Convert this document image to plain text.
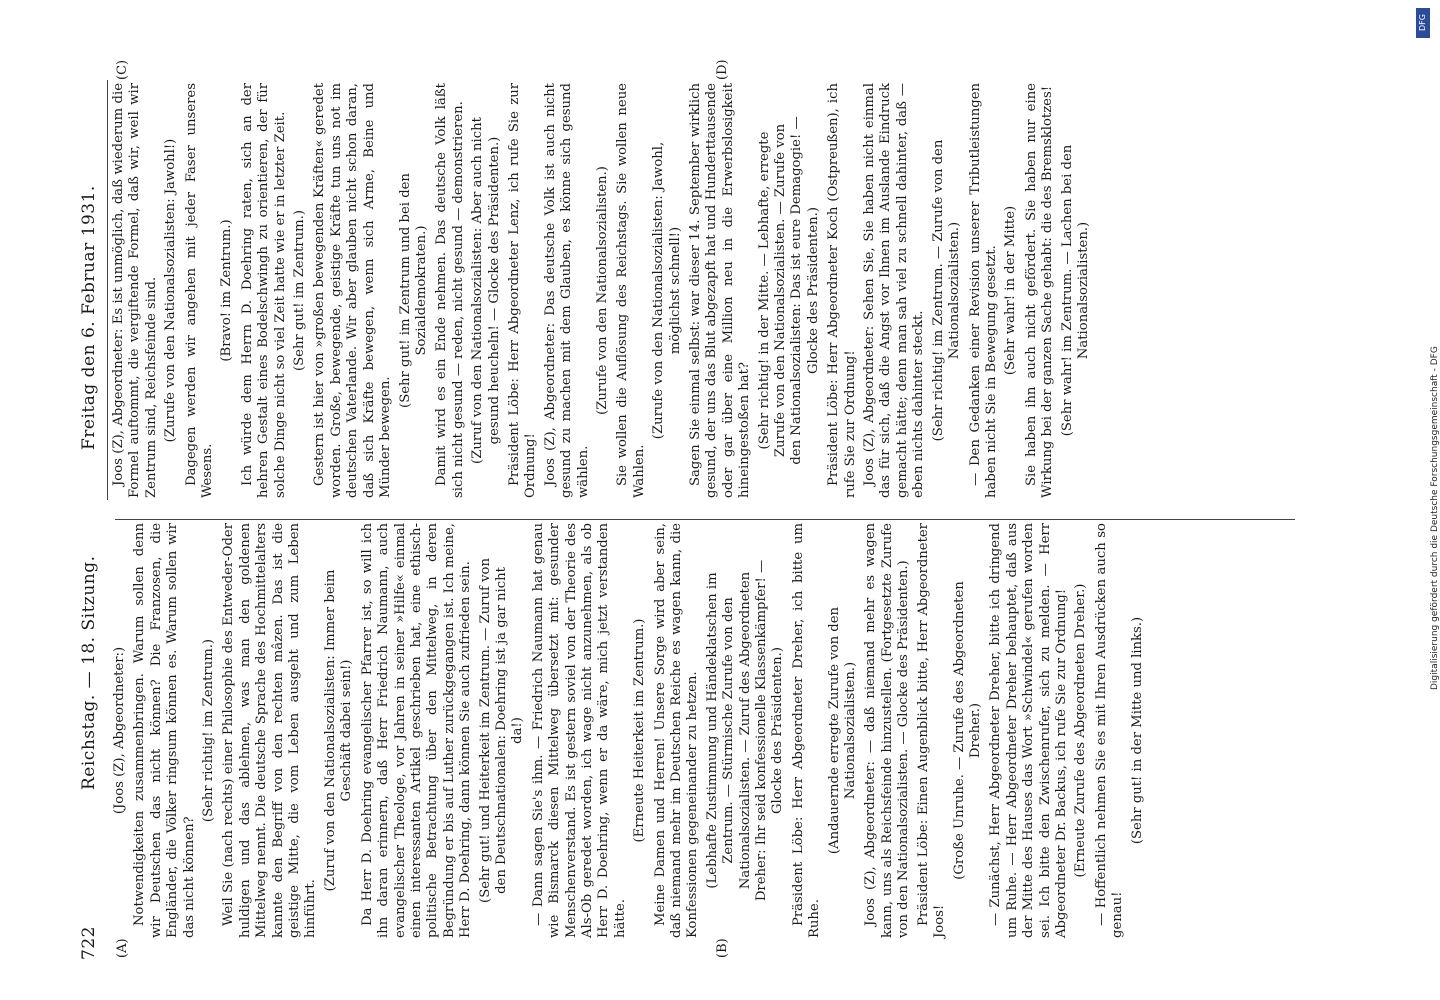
722
Reichstag. — 18. Sitzung.
Freitag den 6. Februar 1931.
(A)	(B)
(C)	(D)

(Joos (Z), Abgeordneter:) Notwendigkeiten zusammenbringen. Warum sollen denn wir Deutschen das nicht können? Die Franzosen, die Engländer, die Völker ringsum können es. Warum sollen wir das nicht können?

(Sehr richtig! im Zentrum.) Weil Sie (nach rechts) einer Philosophie des Entweder-Oder huldigen und das ablehnen, was man den goldenen Mittelweg nennt. Die deutsche Sprache des Hochmittelalters kannte den Begriff von den rechten mâzen. Das ist die geistige Mitte, die vom Leben ausgeht und zum Leben hinführt.

(Zuruf von den Nationalsozialisten: Immer beim Geschäft dabei sein!) Da Herr D. Doehring evangelischer Pfarrer ist, so will ich ihn daran erinnern, daß Herr Friedrich Naumann, auch evangelischer Theologe, vor Jahren in seiner »Hilfe« einmal einen interessanten Artikel geschrieben hat, eine ethisch-politische Betrachtung über den Mittelweg, in deren Begründung er bis auf Luther zurückgegangen ist. Ich meine, Herr D. Doehring, dann können Sie auch zufrieden sein. (Sehr gut! und Heiterkeit im Zentrum. — Zuruf von den Deutschnationalen: Doehring ist ja gar nicht da!) — Dann sagen Sie's ihm. — Friedrich Naumann hat genau wie Bismarck diesen Mittelweg übersetzt mit: gesunder Menschenverstand. Es ist gestern soviel von der Theorie des Als-Ob geredet worden, ich wage nicht anzunehmen, als ob Herr D. Doehring, wenn er da wäre, mich jetzt verstanden hätte.

(Erneute Heiterkeit im Zentrum.) Meine Damen und Herren! Unsere Sorge wird aber sein, daß niemand mehr im Deutschen Reiche es wagen kann, die Konfessionen gegeneinander zu hetzen. (Lebhafte Zustimmung und Händeklatschen im Zentrum. — Stürmische Zurufe von den Nationalsozialisten. — Zuruf des Abgeordneten Dreher: Ihr seid konfessionelle Klassenkämpfer! — Glocke des Präsidenten.) Präsident Löbe: Herr Abgeordneter Dreher, ich bitte um Ruhe.

(Andauernde erregte Zurufe von den Nationalsozialisten.) Joos (Z), Abgeordneter: — daß niemand mehr es wagen kann, uns als Reichsfeinde hinzustellen. (Fortgesetzte Zurufe von den Nationalsozialisten. — Glocke des Präsidenten.) Präsident Löbe: Einen Augenblick bitte, Herr Abgeordneter Joos!

(Große Unruhe. — Zurufe des Abgeordneten Dreher.) — Zunächst, Herr Abgeordneter Dreher, bitte ich dringend um Ruhe. — Herr Abgeordneter Dreher behauptet, daß aus der Mitte des Hauses das Wort »Schwindel« gerufen worden sei. Ich bitte den Zwischenrufer, sich zu melden. — Herr Abgeordneter Dr. Backus, ich rufe Sie zur Ordnung! (Erneute Zurufe des Abgeordneten Dreher.) — Hoffentlich nehmen Sie es mit Ihren Ausdrücken auch so genau!

(Sehr gut! in der Mitte und links.)

Joos (Z), Abgeordneter: Es ist unmöglich, daß wiederum die Formel auftommt, die vergiftende Formel, daß wir, weil wir Zentrum sind, Reichsfeinde sind. (Zurufe von den Nationalsozialisten: Jawohl!) Dagegen werden wir angehen mit jeder Faser unseres Wesens.

(Bravo! im Zentrum.) Ich würde dem Herrn D. Doehring raten, sich an der hehren Gestalt eines Bodelschwingh zu orientieren, der für solche Dinge nicht so viel Zeit hatte wie er in letzter Zeit. (Sehr gut! im Zentrum.) Gestern ist hier von »großen bewegenden Kräften« geredet worden. Große, bewegende, geistige Kräfte tun uns not im deutschen Vaterlande. Wir aber glauben nicht schon daran, daß sich Kräfte bewegen, wenn sich Arme, Beine und Münder bewegen.

(Sehr gut! im Zentrum und bei den Sozialdemokraten.) Damit wird es ein Ende nehmen. Das deutsche Volk läßt sich nicht gesund — reden, nicht gesund — demonstrieren. (Zuruf von den Nationalsozialisten: Aber auch nicht gesund heucheln! — Glocke des Präsidenten.) Präsident Löbe: Herr Abgeordneter Lenz, ich rufe Sie zur Ordnung! Joos (Z), Abgeordneter: Das deutsche Volk ist auch nicht gesund zu machen mit dem Glauben, es könne sich gesund wählen.

(Zurufe von den Nationalsozialisten.) Sie wollen die Auflösung des Reichstags. Sie wollen neue Wahlen.

(Zurufe von den Nationalsozialisten: Jawohl, möglichst schnell!) Sagen Sie einmal selbst: war dieser 14. September wirklich gesund, der uns das Blut abgezapft hat und Hunderttausende oder gar über eine Million neu in die Erwerbslosigkeit hineingestoßen hat? (Sehr richtig! in der Mitte. — Lebhafte, erregte Zurufe von den Nationalsozialisten. — Zurufe von den Nationalsozialisten: Das ist eure Demagogie! — Glocke des Präsidenten.) Präsident Löbe: Herr Abgeordneter Koch (Ostpreußen), ich rufe Sie zur Ordnung! Joos (Z), Abgeordneter: Sehen Sie, Sie haben nicht einmal das für sich, daß die Angst vor Ihnen im Auslande Eindruck gemacht hätte; denn man sah viel zu schnell dahinter, daß — eben nichts dahinter steckt. (Sehr richtig! im Zentrum. — Zurufe von den Nationalsozialisten.) — Den Gedanken einer Revision unserer Tributleistungen haben nicht Sie in Bewegung gesetzt. (Sehr wahr! in der Mitte) Sie haben ihn auch nicht gefördert. Sie haben nur eine Wirkung bei der ganzen Sache gehabt: die des Bremsklotzes! (Sehr wahr! im Zentrum. — Lachen bei den Nationalsozialisten.)

DFG
Digitalisierung gefördert durch die Deutsche Forschungsgemeinschaft - DFG
